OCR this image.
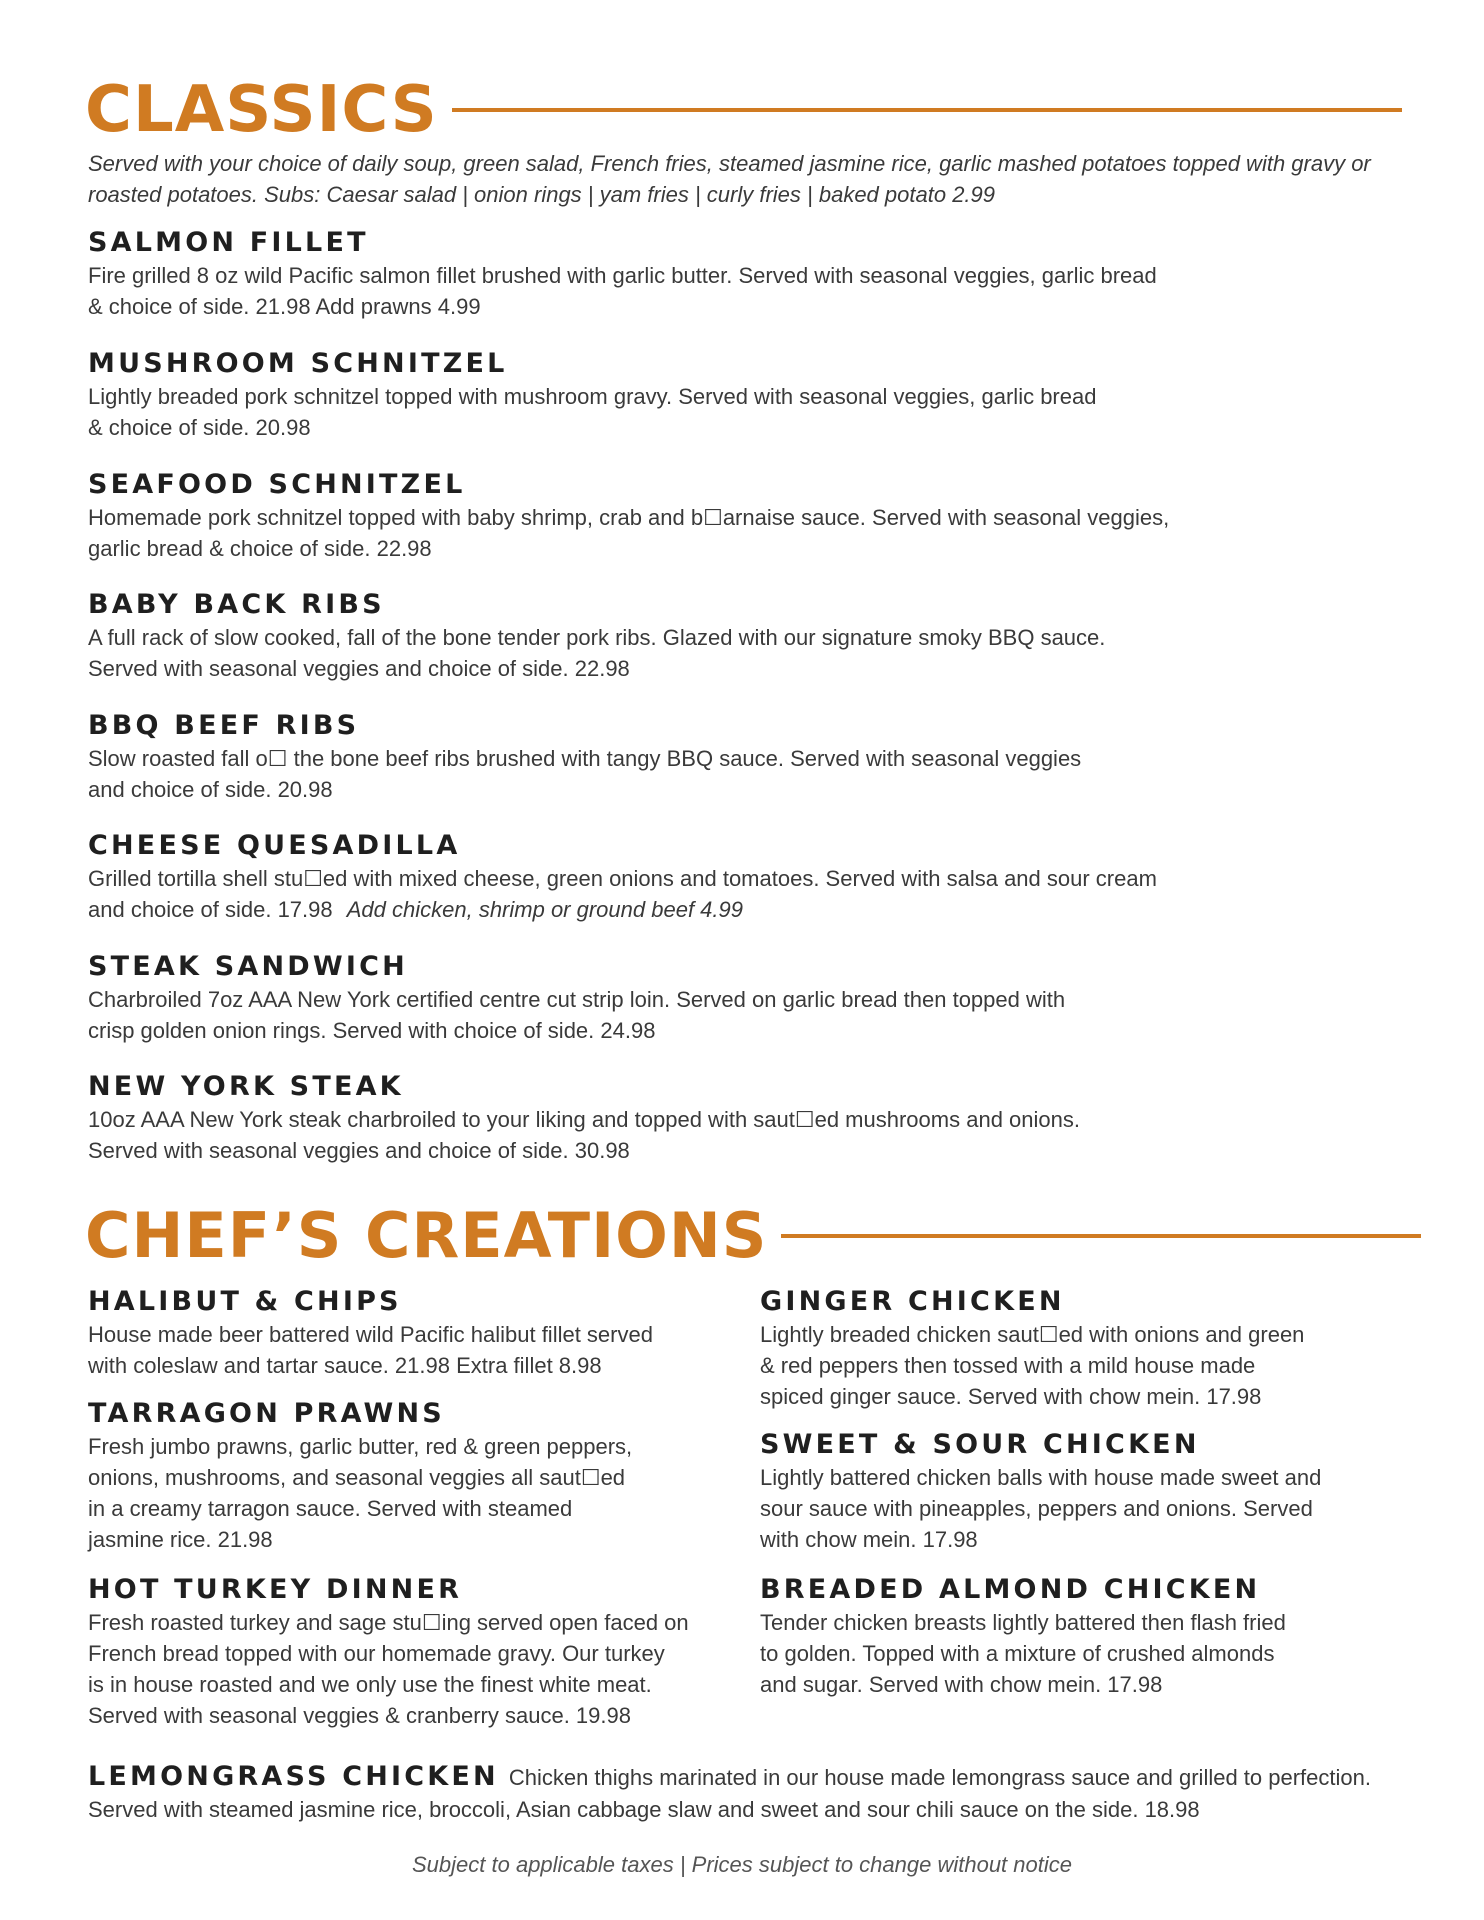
CLASSICS
Served with your choice of daily soup, green salad, French fries, steamed jasmine rice, garlic mashed potatoes topped with gravy or roasted potatoes. Subs: Caesar salad | onion rings | yam fries | curly fries | baked potato 2.99
SALMON FILLET
Fire grilled 8 oz wild Pacific salmon fillet brushed with garlic butter. Served with seasonal veggies, garlic bread
& choice of side. 21.98 Add prawns 4.99
MUSHROOM SCHNITZEL
Lightly breaded pork schnitzel topped with mushroom gravy. Served with seasonal veggies, garlic bread
& choice of side. 20.98
SEAFOOD SCHNITZEL
Homemade pork schnitzel topped with baby shrimp, crab and b☐arnaise sauce. Served with seasonal veggies,
garlic bread & choice of side. 22.98
BABY BACK RIBS
A full rack of slow cooked, fall of the bone tender pork ribs. Glazed with our signature smoky BBQ sauce.
Served with seasonal veggies and choice of side. 22.98
BBQ BEEF RIBS
Slow roasted fall o☐ the bone beef ribs brushed with tangy BBQ sauce. Served with seasonal veggies
and choice of side. 20.98
CHEESE QUESADILLA
Grilled tortilla shell stu☐ed with mixed cheese, green onions and tomatoes. Served with salsa and sour cream
and choice of side. 17.98 Add chicken, shrimp or ground beef 4.99
STEAK SANDWICH
Charbroiled 7oz AAA New York certified centre cut strip loin. Served on garlic bread then topped with
crisp golden onion rings. Served with choice of side. 24.98
NEW YORK STEAK
10oz AAA New York steak charbroiled to your liking and topped with saut☐ed mushrooms and onions.
Served with seasonal veggies and choice of side. 30.98
CHEF’S CREATIONS
HALIBUT & CHIPS
House made beer battered wild Pacific halibut fillet served
with coleslaw and tartar sauce. 21.98 Extra fillet 8.98
TARRAGON PRAWNS
Fresh jumbo prawns, garlic butter, red & green peppers,
onions, mushrooms, and seasonal veggies all saut☐ed
in a creamy tarragon sauce. Served with steamed
jasmine rice. 21.98
HOT TURKEY DINNER
Fresh roasted turkey and sage stu☐ing served open faced on
French bread topped with our homemade gravy. Our turkey
is in house roasted and we only use the finest white meat.
Served with seasonal veggies & cranberry sauce. 19.98
GINGER CHICKEN
Lightly breaded chicken saut☐ed with onions and green
& red peppers then tossed with a mild house made
spiced ginger sauce. Served with chow mein. 17.98
SWEET & SOUR CHICKEN
Lightly battered chicken balls with house made sweet and
sour sauce with pineapples, peppers and onions. Served
with chow mein. 17.98
BREADED ALMOND CHICKEN
Tender chicken breasts lightly battered then flash fried
to golden. Topped with a mixture of crushed almonds
and sugar. Served with chow mein. 17.98
LEMONGRASS CHICKEN Chicken thighs marinated in our house made lemongrass sauce and grilled to perfection. Served with steamed jasmine rice, broccoli, Asian cabbage slaw and sweet and sour chili sauce on the side. 18.98
Subject to applicable taxes | Prices subject to change without notice
